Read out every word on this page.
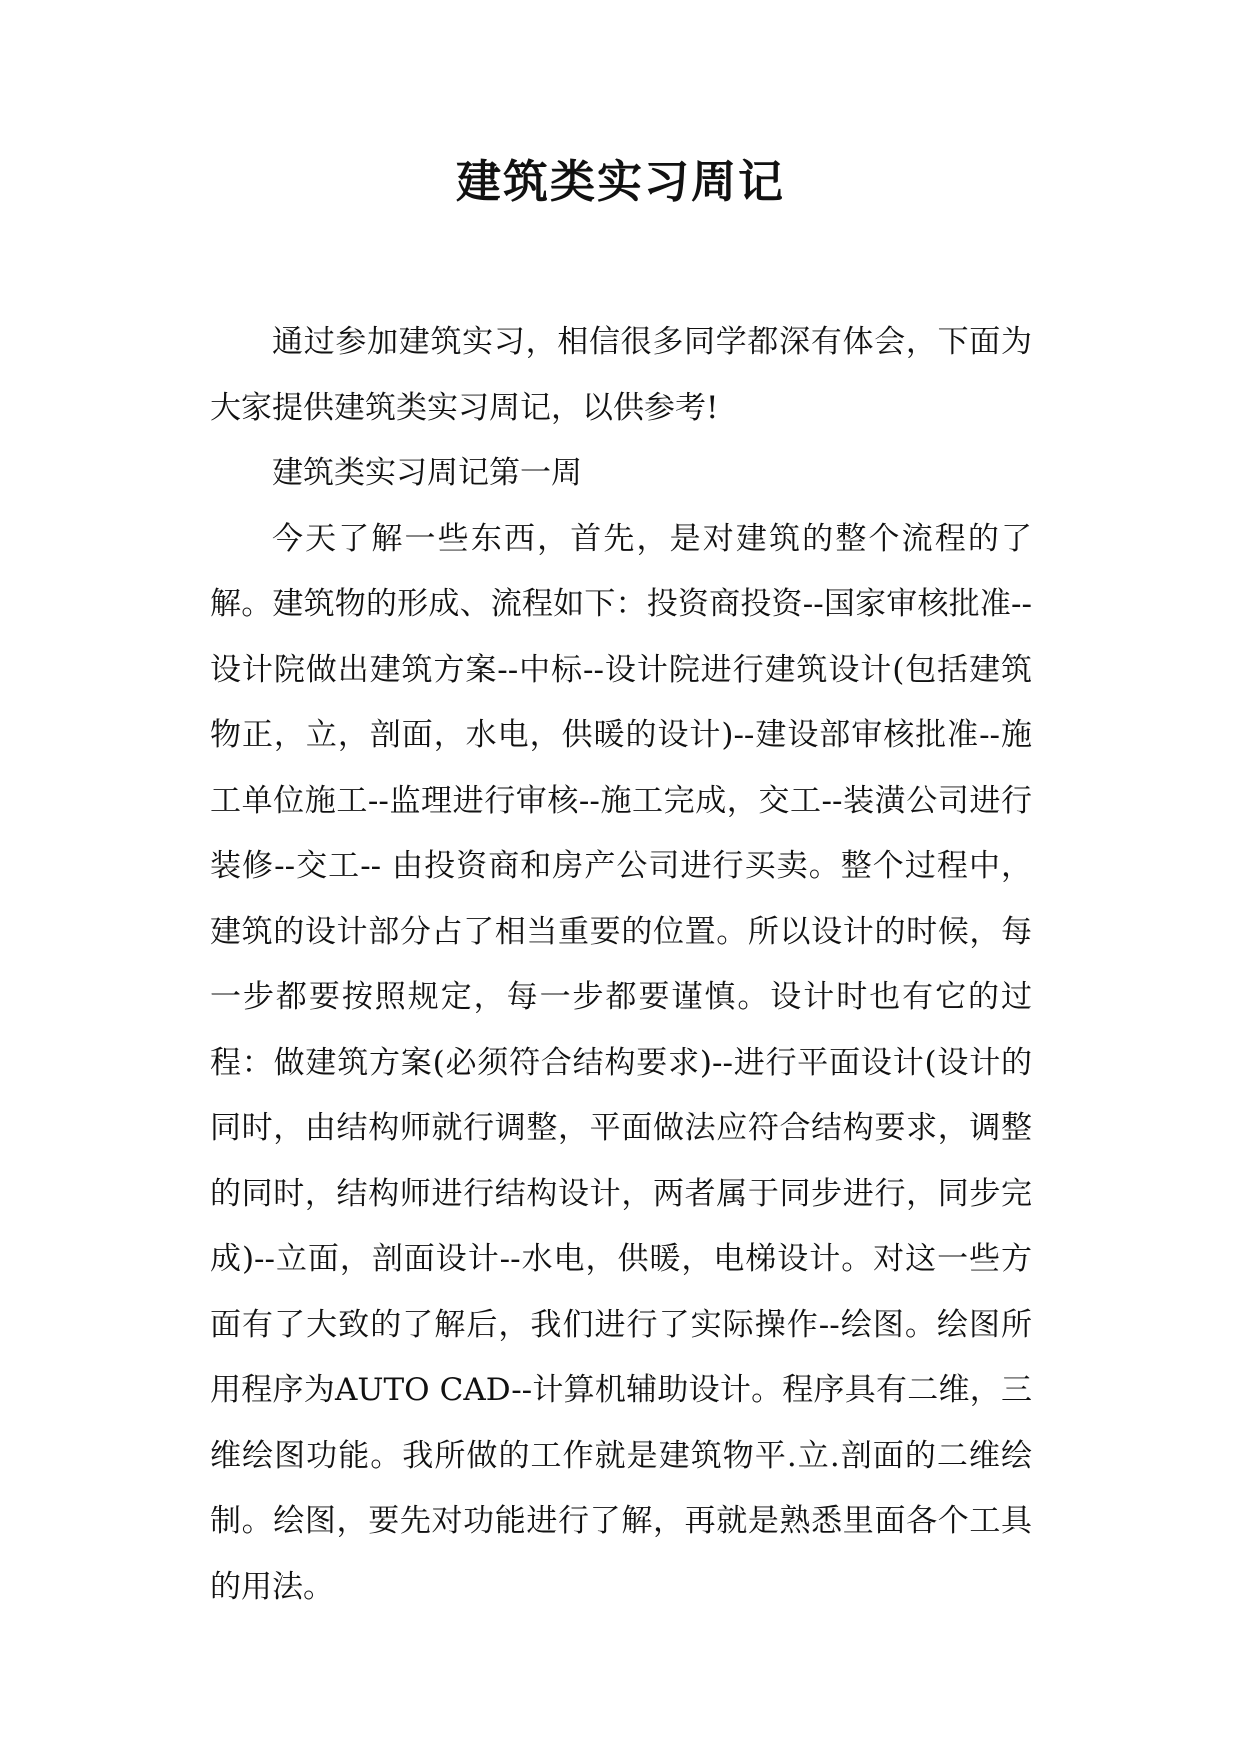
建筑类实习周记

通过参加建筑实习，相信很多同学都深有体会，下面为大家提供建筑类实习周记，以供参考!

建筑类实习周记第一周

今天了解一些东西，首先，是对建筑的整个流程的了解。建筑物的形成、流程如下：投资商投资--国家审核批准--设计院做出建筑方案--中标--设计院进行建筑设计(包括建筑物正，立，剖面，水电，供暖的设计)--建设部审核批准--施工单位施工--监理进行审核--施工完成，交工--装潢公司进行装修--交工-- 由投资商和房产公司进行买卖。整个过程中，建筑的设计部分占了相当重要的位置。所以设计的时候，每一步都要按照规定，每一步都要谨慎。设计时也有它的过程：做建筑方案(必须符合结构要求)--进行平面设计(设计的同时，由结构师就行调整，平面做法应符合结构要求，调整的同时，结构师进行结构设计，两者属于同步进行，同步完成)--立面，剖面设计--水电，供暖，电梯设计。对这一些方面有了大致的了解后，我们进行了实际操作--绘图。绘图所用程序为AUTO CAD--计算机辅助设计。程序具有二维，三维绘图功能。我所做的工作就是建筑物平.立.剖面的二维绘制。绘图，要先对功能进行了解，再就是熟悉里面各个工具的用法。
